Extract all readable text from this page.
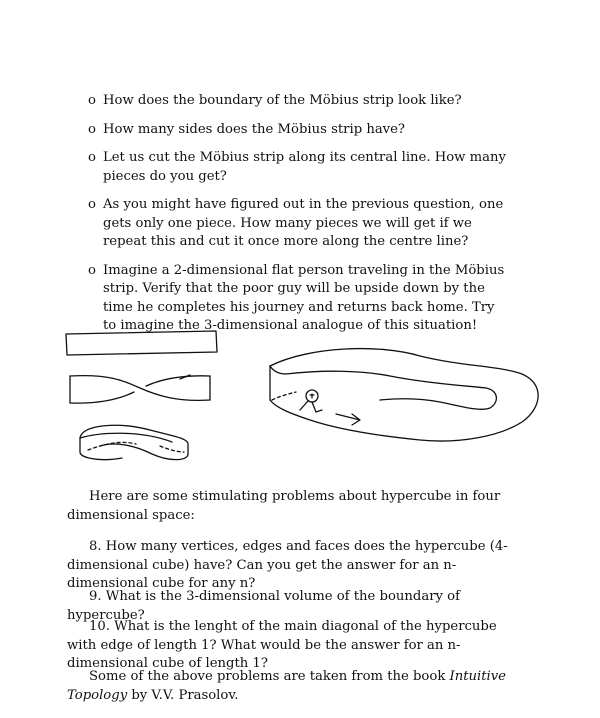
o How does the boundary of the Möbius strip look like?
o How many sides does the Möbius strip have?
o Let us cut the Möbius strip along its central line. How many pieces do you get?
o As you might have figured out in the previous question, one gets only one piece. How many pieces we will get if we repeat this and cut it once more along the centre line?
o Imagine a 2-dimensional flat person traveling in the Möbius strip. Verify that the poor guy will be upside down by the time he completes his journey and returns back home. Try to imagine the 3-dimensional analogue of this situation!

Here are some stimulating problems about hypercube in four dimensional space:

8. How many vertices, edges and faces does the hypercube (4-dimensional cube) have? Can you get the answer for an n-dimensional cube for any n?

9. What is the 3-dimensional volume of the boundary of hypercube?

10. What is the lenght of the main diagonal of the hypercube with edge of length 1? What would be the answer for an n-dimensional cube of length 1?

Some of the above problems are taken from the book Intuitive Topology by V.V. Prasolov.
